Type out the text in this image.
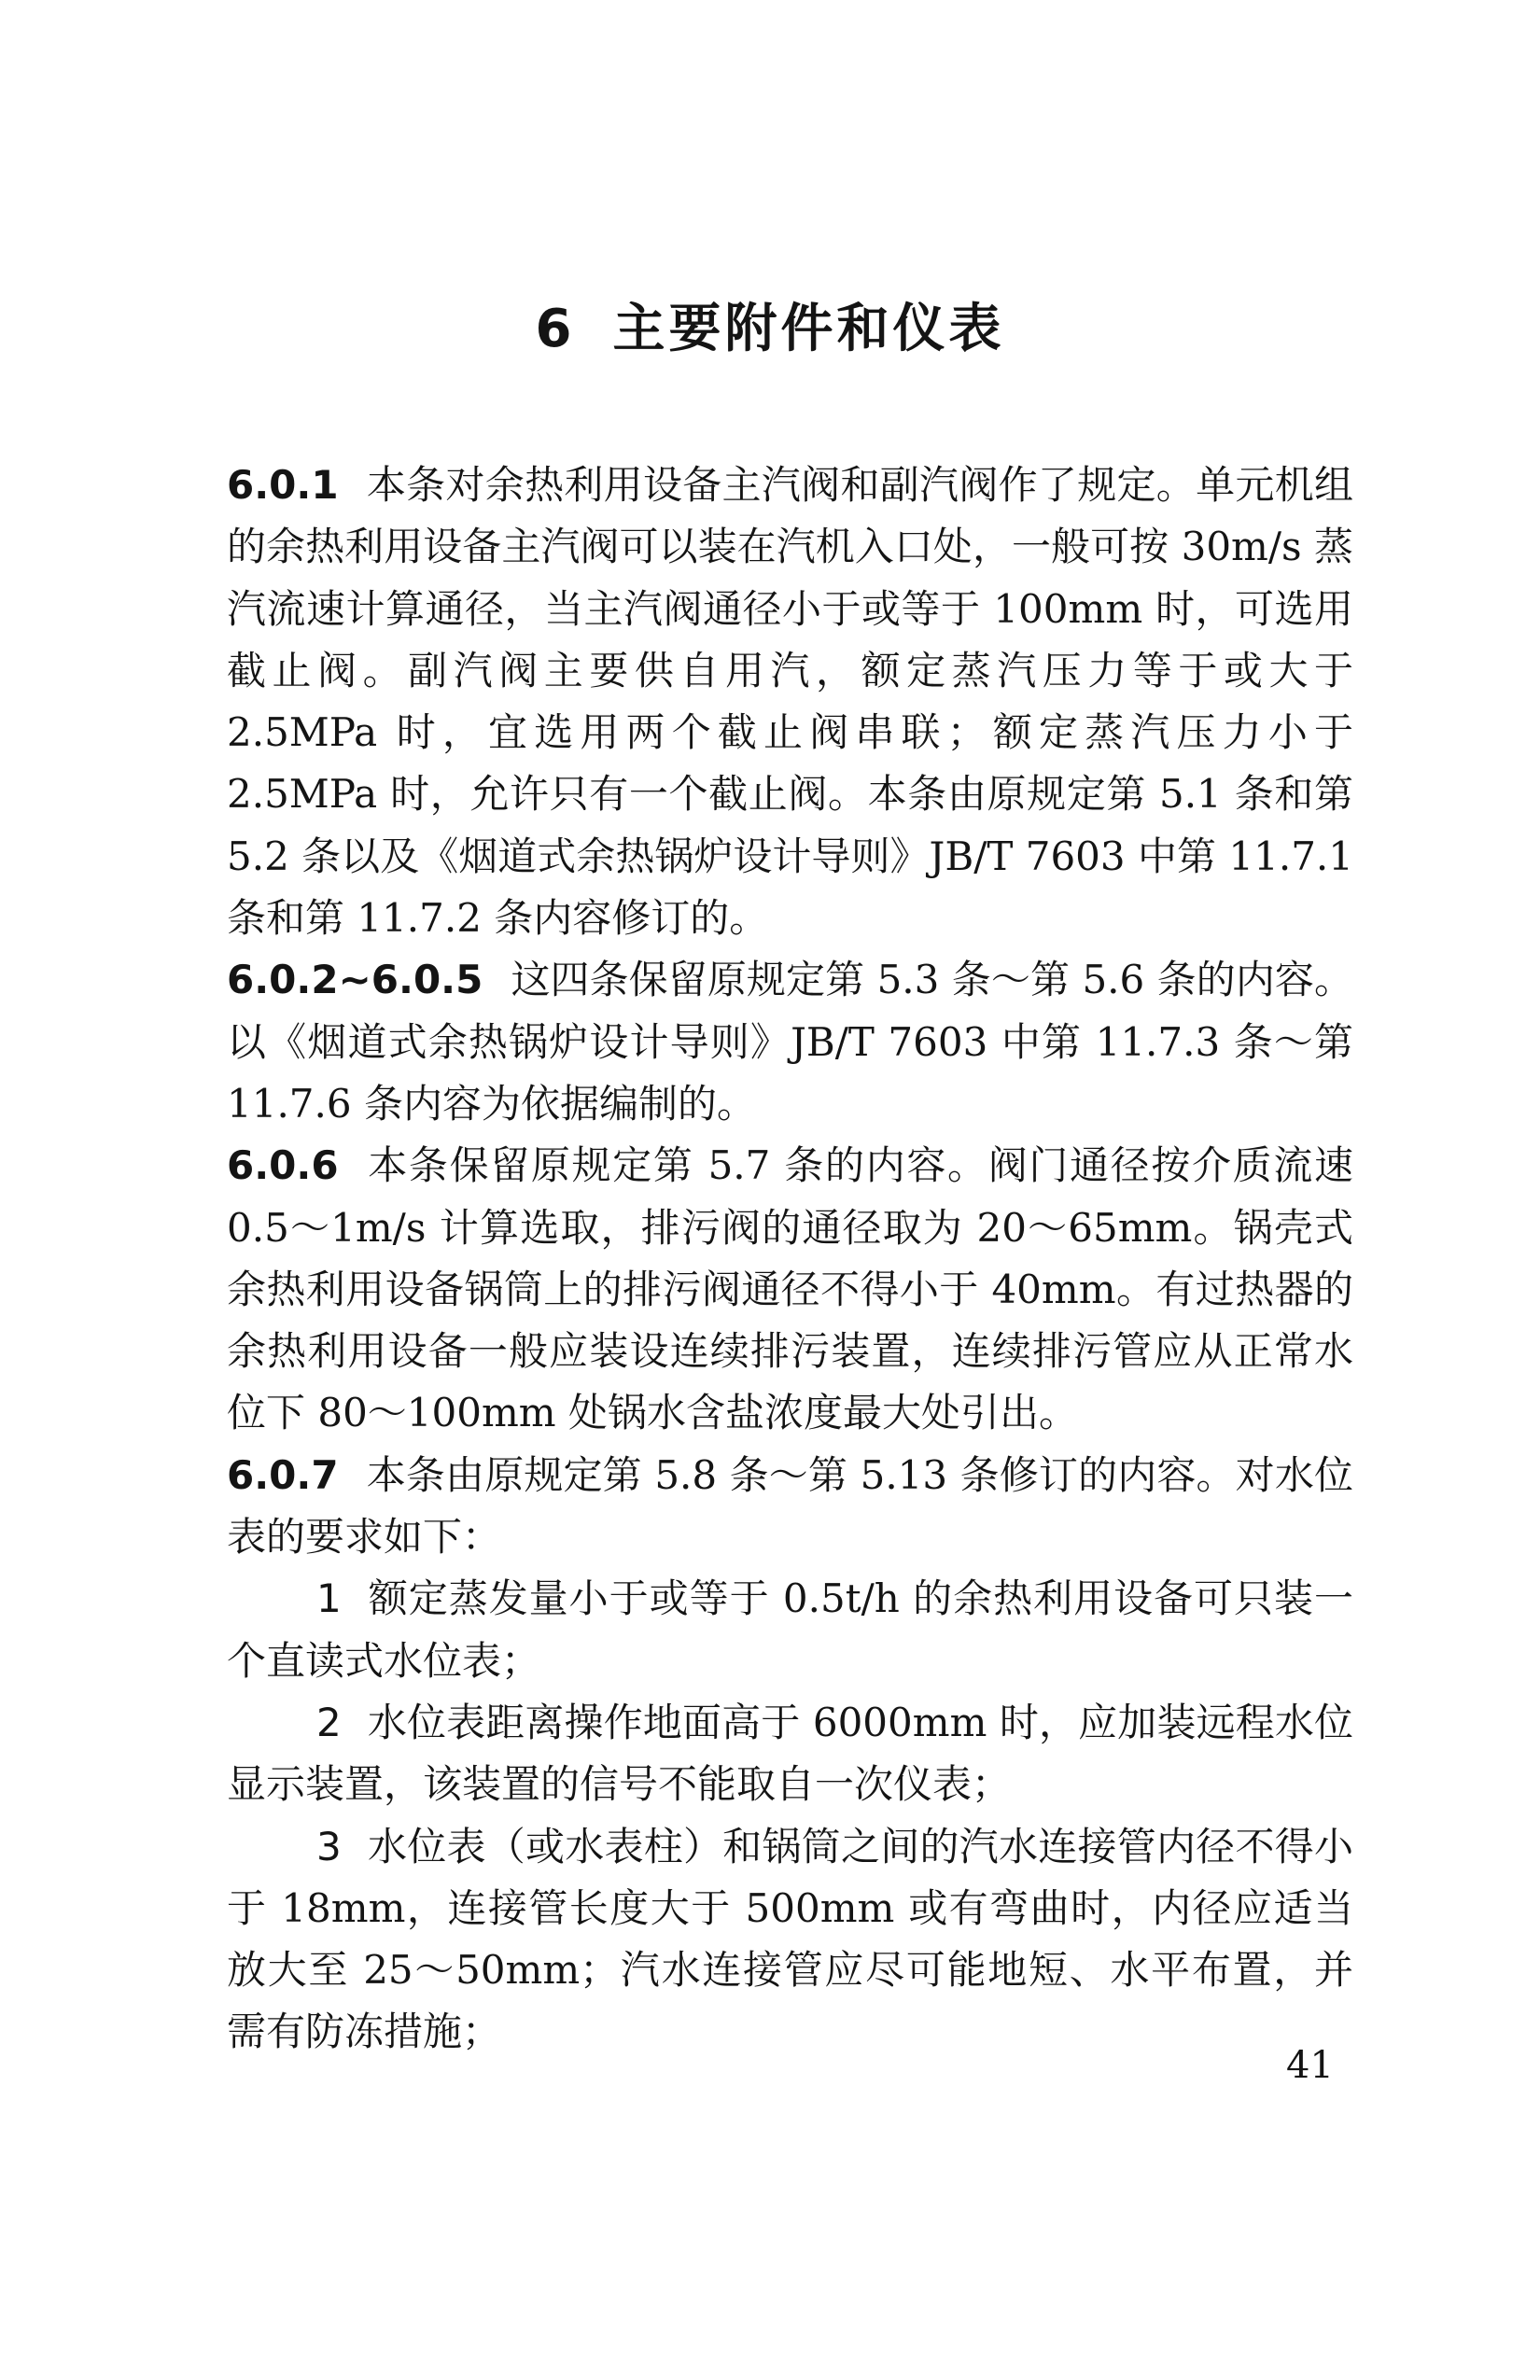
6 主要附件和仪表

6.0.1 本条对余热利用设备主汽阀和副汽阀作了规定。单元机组的余热利用设备主汽阀可以装在汽机入口处，一般可按 30m/s 蒸汽流速计算通径，当主汽阀通径小于或等于 100mm 时，可选用截止阀。副汽阀主要供自用汽，额定蒸汽压力等于或大于 2.5MPa 时，宜选用两个截止阀串联；额定蒸汽压力小于 2.5MPa 时，允许只有一个截止阀。本条由原规定第 5.1 条和第 5.2 条以及《烟道式余热锅炉设计导则》JB/T 7603 中第 11.7.1 条和第 11.7.2 条内容修订的。

6.0.2~6.0.5 这四条保留原规定第 5.3 条～第 5.6 条的内容。以《烟道式余热锅炉设计导则》JB/T 7603 中第 11.7.3 条～第 11.7.6 条内容为依据编制的。

6.0.6 本条保留原规定第 5.7 条的内容。阀门通径按介质流速 0.5～1m/s 计算选取，排污阀的通径取为 20～65mm。锅壳式余热利用设备锅筒上的排污阀通径不得小于 40mm。有过热器的余热利用设备一般应装设连续排污装置，连续排污管应从正常水位下 80～100mm 处锅水含盐浓度最大处引出。

6.0.7 本条由原规定第 5.8 条～第 5.13 条修订的内容。对水位表的要求如下：

1 额定蒸发量小于或等于 0.5t/h 的余热利用设备可只装一个直读式水位表；

2 水位表距离操作地面高于 6000mm 时，应加装远程水位显示装置，该装置的信号不能取自一次仪表；

3 水位表（或水表柱）和锅筒之间的汽水连接管内径不得小于 18mm，连接管长度大于 500mm 或有弯曲时，内径应适当放大至 25～50mm；汽水连接管应尽可能地短、水平布置，并需有防冻措施；

41
